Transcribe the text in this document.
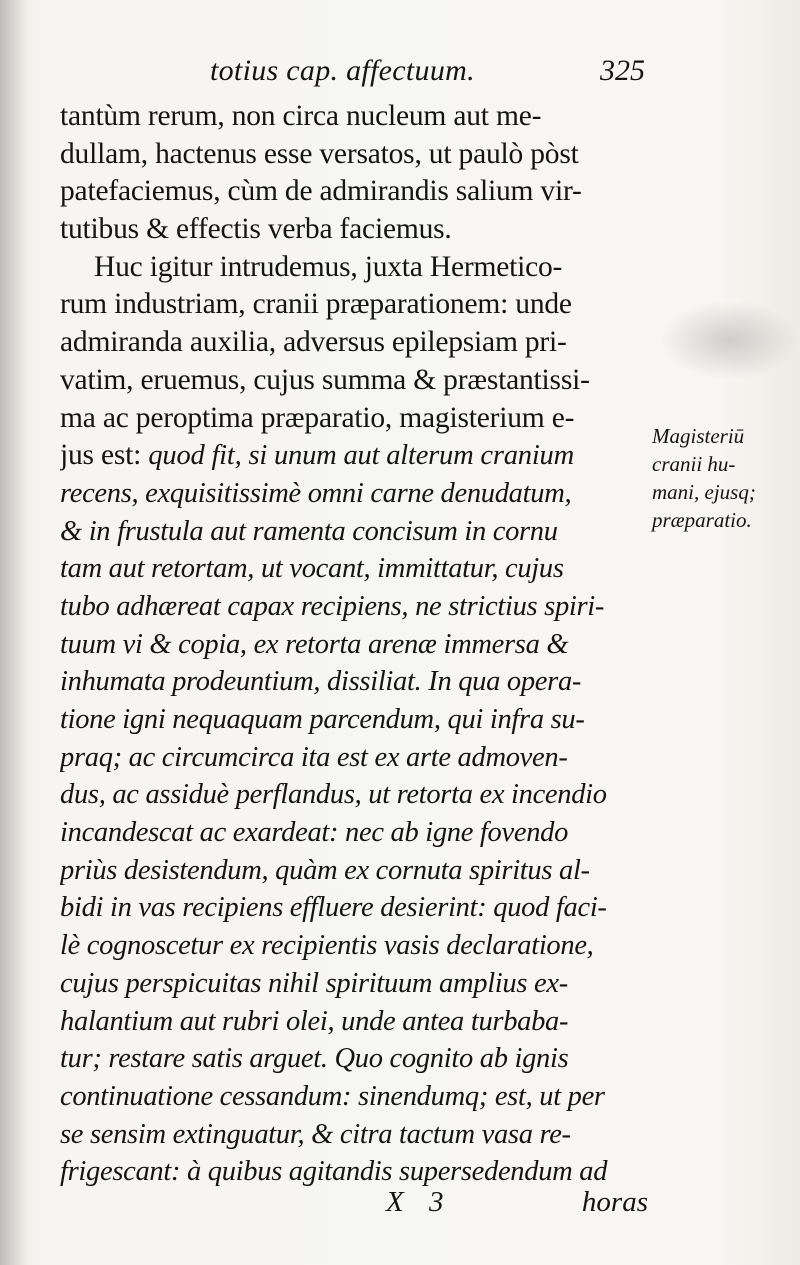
totius cap. affectuum.	325
tantùm rerum, non circa nucleum aut me-
dullam, hactenus esse versatos, ut paulò pòst
patefaciemus, cùm de admirandis salium vir-
tutibus & effectis verba faciemus.
Huc igitur intrudemus, juxta Hermetico-
rum industriam, cranii præparationem: unde
admiranda auxilia, adversus epilepsiam pri-
vatim, eruemus, cujus summa & præstantissi-
ma ac peroptima præparatio, magisterium e-
jus est: quod fit, si unum aut alterum cranium
recens, exquisitissimè omni carne denudatum,
& in frustula aut ramenta concisum in cornu
tam aut retortam, ut vocant, immittatur, cujus
tubo adhæreat capax recipiens, ne strictius spiri-
tuum vi & copia, ex retorta arenæ immersa &
inhumata prodeuntium, dissiliat. In qua opera-
tione igni nequaquam parcendum, qui infra su-
praq; ac circumcirca ita est ex arte admoven-
dus, ac assiduè perflandus, ut retorta ex incendio
incandescat ac exardeat: nec ab igne fovendo
priùs desistendum, quàm ex cornuta spiritus al-
bidi in vas recipiens effluere desierint: quod faci-
lè cognoscetur ex recipientis vasis declaratione,
cujus perspicuitas nihil spirituum amplius ex-
halantium aut rubri olei, unde antea turbaba-
tur; restare satis arguet. Quo cognito ab ignis
continuatione cessandum: sinendumq; est, ut per
se sensim extinguatur, & citra tactum vasa re-
frigescant: à quibus agitandis supersedendum ad
Magisteriū
cranii hu-
mani, ejusq;
præparatio.
X 3	horas
